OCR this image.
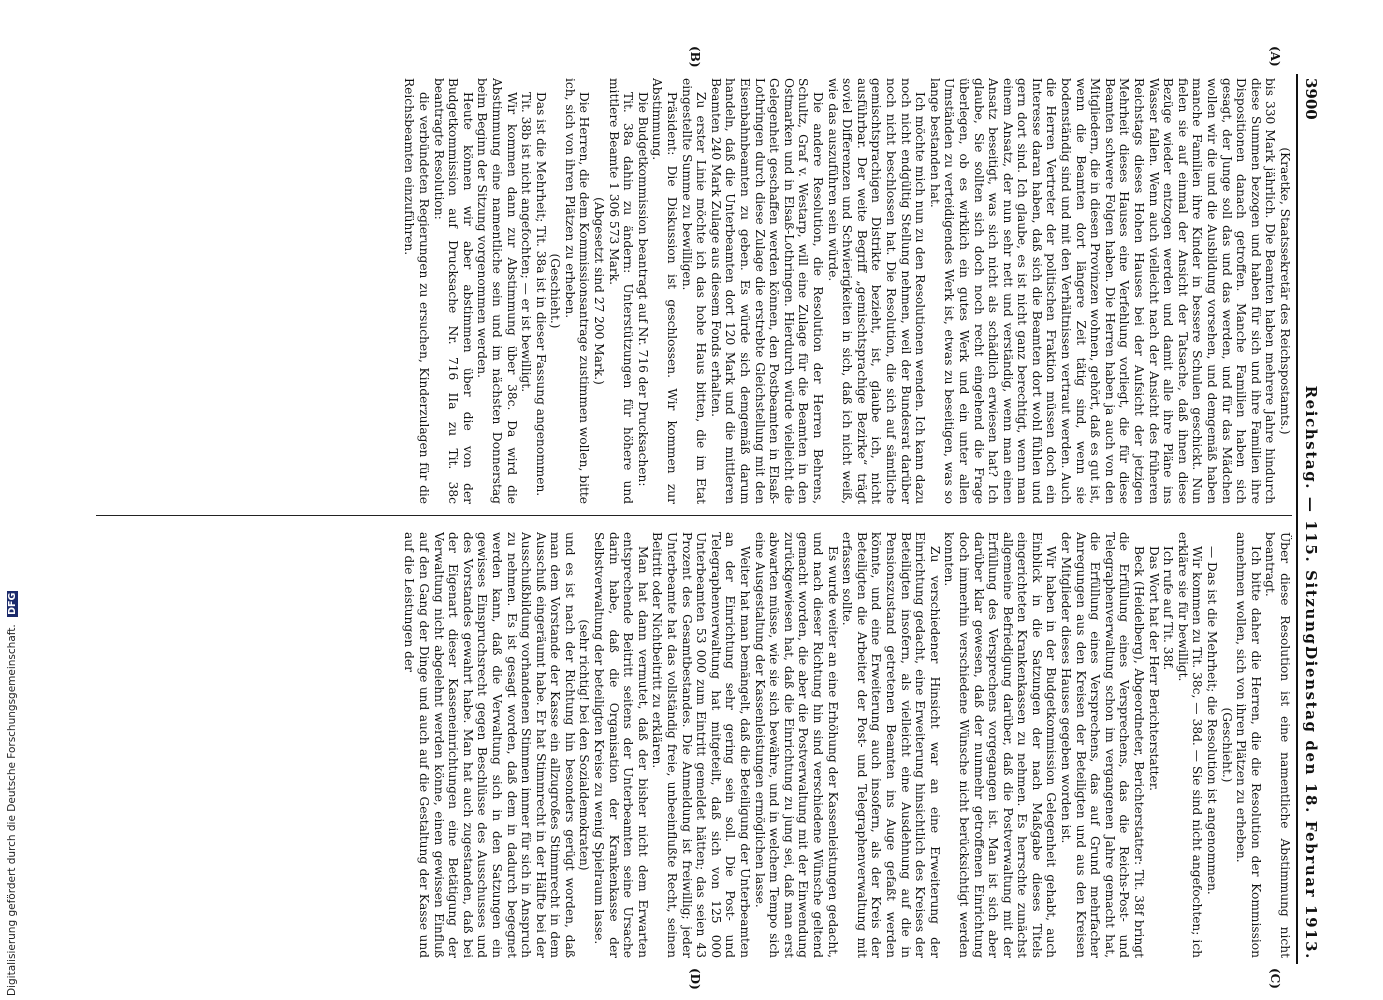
3900
Reichstag. — 115. Sitzung.
Dienstag den 18. Februar 1913.
(A)
(B)
(C)
(D)

(Kraetke, Staatssekretär des Reichspostamts.)

bis 330 Mark jährlich. Die Beamten haben mehrere Jahre hindurch diese Summen bezogen und haben für sich und ihre Familien ihre Dispositionen danach getroffen. Manche Familien haben sich gesagt, der Junge soll das und das werden, und für das Mädchen wollen wir die und die Ausbildung vorsehen, und demgemäß haben manche Familien ihre Kinder in bessere Schulen geschickt. Nun fielen sie auf einmal der Ansicht der Tatsache, daß ihnen diese Bezüge wieder entzogen werden und damit alle ihre Pläne ins Wasser fallen. Wenn auch vielleicht nach der Ansicht des früheren Reichstags dieses Hohen Hauses bei der Aufsicht der jetzigen Mehrheit dieses Hauses eine Verfehlung vorliegt, die für diese Beamten schwere Folgen haben. Die Herren haben ja auch von den Mitgliedern, die in diesen Provinzen wohnen, gehört, daß es gut ist, wenn die Beamten dort längere Zeit tätig sind, wenn sie bodenständig sind und mit den Verhältnissen vertraut werden. Auch die Herren Vertreter der politischen Fraktion müssen doch ein Interesse daran haben, daß sich die Beamten dort wohl fühlen und gern dort sind. Ich glaube, es ist nicht ganz berechtigt, wenn man einem Ansatz, der nun sehr nett und verständig, wenn man einen Ansatz beseitigt, was sich nicht als schädlich erwiesen hat? Ich glaube, Sie sollten sich doch noch recht eingehend die Frage überlegen, ob es wirklich ein gutes Werk und ein unter allen Umständen zu verteidigendes Werk ist, etwas zu beseitigen, was so lange bestanden hat.

Ich möchte mich nun zu den Resolutionen wenden. Ich kann dazu noch nicht endgültig Stellung nehmen, weil der Bundesrat darüber noch nicht beschlossen hat. Die Resolution, die sich auf sämtliche gemischtsprachigen Distrikte bezieht, ist, glaube ich, nicht ausführbar. Der weite Begriff „gemischtsprachige Bezirke“ trägt soviel Differenzen und Schwierigkeiten in sich, daß ich nicht weiß, wie das auszuführen sein würde.

Die andere Resolution, die Resolution der Herren Behrens, Schultz, Graf v. Westarp, will eine Zulage für die Beamten in den Ostmarken und in Elsaß-Lothringen. Hierdurch würde vielleicht die Gelegenheit geschaffen werden können, den Postbeamten in Elsaß-Lothringen durch diese Zulage die erstrebte Gleichstellung mit den Eisenbahnbeamten zu geben. Es würde sich demgemäß darum handeln, daß die Unterbeamten dort 120 Mark und die mittleren Beamten 240 Mark Zulage aus diesem Fonds erhalten.

Zu erster Linie möchte ich das hohe Haus bitten, die im Etat eingestellte Summe zu bewilligen.

Präsident: Die Diskussion ist geschlossen. Wir kommen zur Abstimmung.

Die Budgetkommission beantragt auf Nr. 716 der Drucksachen:

Tit. 38a dahin zu ändern: Unterstützungen für höhere und mittlere Beamte 1 306 573 Mark.

(Abgesetzt sind 27 200 Mark.)

Die Herren, die dem Kommissionsantrage zustimmen wollen, bitte ich, sich von ihren Plätzen zu erheben.

(Geschieht.)

Das ist die Mehrheit; Tit. 38a ist in dieser Fassung angenommen.

Tit. 38b ist nicht angefochten; — er ist bewilligt.

Wir kommen dann zur Abstimmung über 38c. Da wird die Abstimmung eine namentliche sein und im nächsten Donnerstag beim Beginn der Sitzung vorgenommen werden.

Heute können wir aber abstimmen über die von der Budgetkommission auf Drucksache Nr. 716 IIa zu Tit. 38c beantragte Resolution:

die verbündeten Regierungen zu ersuchen, Kinderzulagen für die Reichsbeamten einzuführen.

Über diese Resolution ist eine namentliche Abstimmung nicht beantragt.

Ich bitte daher die Herren, die die Resolution der Kommission annehmen wollen, sich von ihren Plätzen zu erheben.

(Geschieht.)

— Das ist die Mehrheit; die Resolution ist angenommen.

Wir kommen zu Tit. 38c, — 38d. — Sie sind nicht angefochten; ich erkläre sie für bewilligt.

Ich rufe auf Tit. 38f.

Das Wort hat der Herr Berichterstatter.

Beck (Heidelberg), Abgeordneter, Berichterstatter: Tit. 38f bringt die Erfüllung eines Versprechens, das die Reichs-Post- und Telegraphenverwaltung schon im vergangenen Jahre gemacht hat, die Erfüllung eines Versprechens, das auf Grund mehrfacher Anregungen aus den Kreisen der Beteiligten und aus den Kreisen der Mitglieder dieses Hauses gegeben worden ist.

Wir haben in der Budgetkommission Gelegenheit gehabt, auch Einblick in die Satzungen der nach Maßgabe dieses Titels eingerichteten Krankenkassen zu nehmen. Es herrschte zunächst allgemeine Befriedigung darüber, daß die Postverwaltung mit der Erfüllung des Versprechens vorgegangen ist. Man ist sich aber darüber klar gewesen, daß der nunmehr getroffenen Einrichtung doch immerhin verschiedene Wünsche nicht berücksichtigt werden konnten.

Zu verschiedener Hinsicht war an eine Erweiterung der Einrichtung gedacht, eine Erweiterung hinsichtlich des Kreises der Beteiligten insofern, als vielleicht eine Ausdehnung auf die in Pensionszustand getretenen Beamten ins Auge gefaßt werden könnte, und eine Erweiterung auch insofern, als der Kreis der Beteiligten die Arbeiter der Post- und Telegraphenverwaltung mit erfassen sollte.

Es wurde weiter an eine Erhöhung der Kassenleistungen gedacht, und nach dieser Richtung hin sind verschiedene Wünsche geltend gemacht worden, die aber die Postverwaltung mit der Einwendung zurückgewiesen hat, daß die Einrichtung zu jung sei, daß man erst abwarten müsse, wie sie sich bewähre, und in welchem Tempo sich eine Ausgestaltung der Kassenleistungen ermöglichen lasse.

Weiter hat man bemängelt, daß die Beteiligung der Unterbeamten an der Einrichtung sehr gering sein soll. Die Post- und Telegraphenverwaltung hat mitgeteilt, daß sich von 125 000 Unterbeamten 53 000 zum Eintritt gemeldet hätten; das seien 43 Prozent des Gesamtbestandes. Die Anmeldung ist freiwillig; jeder Unterbeamte hat das vollständig freie, unbeeinflußte Recht, seinen Beitritt oder Nichtbeitritt zu erklären.

Man hat dann vermutet, daß der bisher nicht dem Erwarten entsprechende Beitritt seitens der Unterbeamten seine Ursache darin habe, daß die Organisation der Krankenkasse der Selbstverwaltung der beteiligten Kreise zu wenig Spielraum lasse.

(sehr richtig! bei den Sozialdemokraten)

und es ist nach der Richtung hin besonders gerügt worden, daß man dem Vorstande der Kasse ein allzugroßes Stimmrecht in dem Ausschuß eingeräumt habe. Er hat Stimmrecht in der Hälfte bei der Ausschußbildung vorhandenen Stimmen immer für sich in Anspruch zu nehmen. Es ist gesagt worden, daß dem in dadurch begegnet werden kann, daß die Verwaltung sich in den Satzungen ein gewisses Einspruchsrecht gegen Beschlüsse des Ausschusses und des Vorstandes gewahrt habe. Man hat auch zugestanden, daß bei der Eigenart dieser Kasseneinrichtungen eine Betätigung der Verwaltung nicht abgelehnt werden könne, einen gewissen Einfluß auf den Gang der Dinge und auch auf die Gestaltung der Kasse und auf die Leistungen der

Digitalisierung gefördert durch die Deutsche Forschungsgemeinschaft. DFG
